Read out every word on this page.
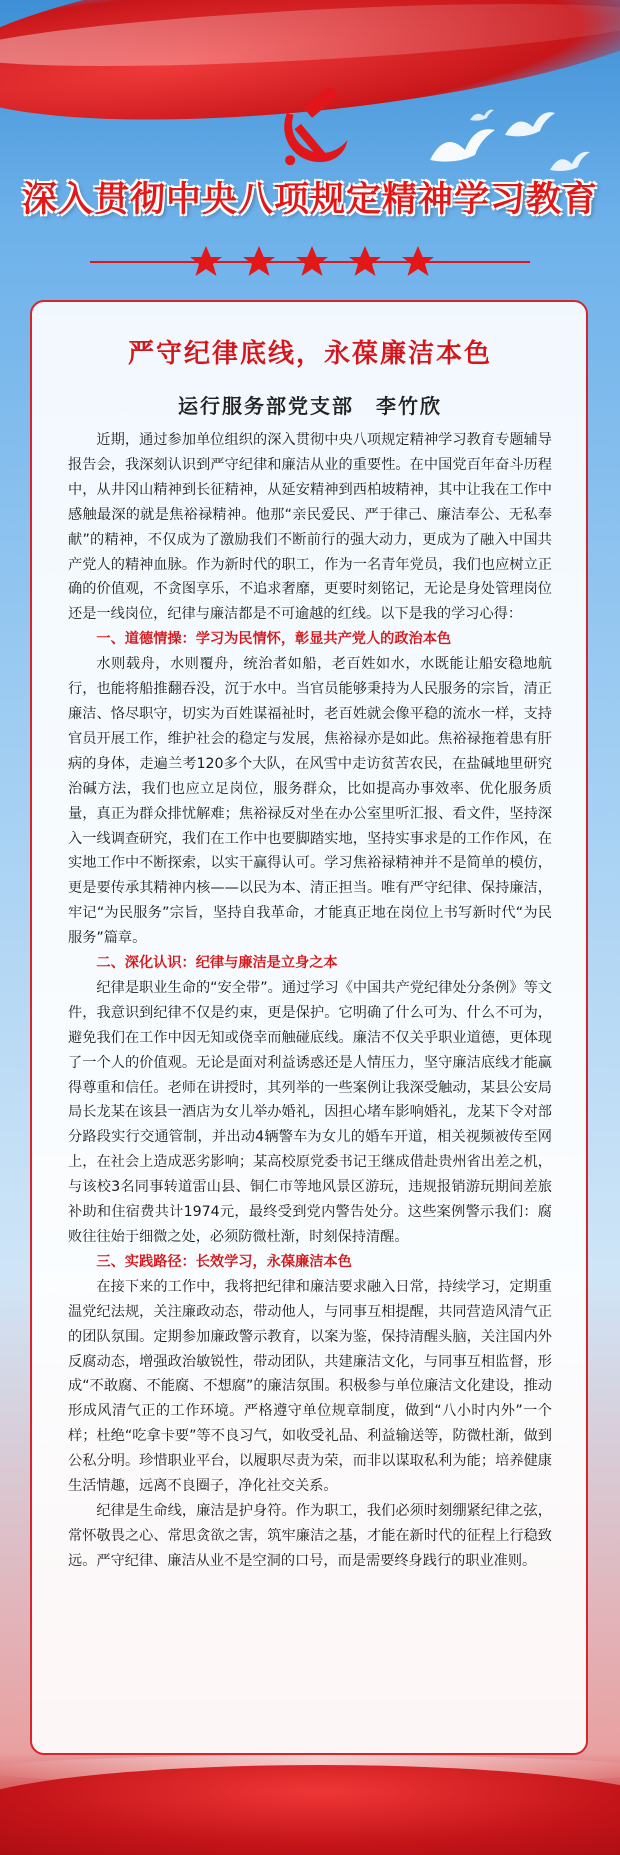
深入贯彻中央八项规定精神学习教育
严守纪律底线，永葆廉洁本色
运行服务部党支部　李竹欣

近期，通过参加单位组织的深入贯彻中央八项规定精神学习教育专题辅导报告会，我深刻认识到严守纪律和廉洁从业的重要性。在中国党百年奋斗历程中，从井冈山精神到长征精神，从延安精神到西柏坡精神，其中让我在工作中感触最深的就是焦裕禄精神。他那“亲民爱民、严于律己、廉洁奉公、无私奉献”的精神，不仅成为了激励我们不断前行的强大动力，更成为了融入中国共产党人的精神血脉。作为新时代的职工，作为一名青年党员，我们也应树立正确的价值观，不贪图享乐，不追求奢靡，更要时刻铭记，无论是身处管理岗位还是一线岗位，纪律与廉洁都是不可逾越的红线。以下是我的学习心得：

一、道德情操：学习为民情怀，彰显共产党人的政治本色

水则载舟，水则覆舟，统治者如船，老百姓如水，水既能让船安稳地航行，也能将船推翻吞没，沉于水中。当官员能够秉持为人民服务的宗旨，清正廉洁、恪尽职守，切实为百姓谋福祉时，老百姓就会像平稳的流水一样，支持官员开展工作，维护社会的稳定与发展，焦裕禄亦是如此。焦裕禄拖着患有肝病的身体，走遍兰考120多个大队，在风雪中走访贫苦农民，在盐碱地里研究治碱方法，我们也应立足岗位，服务群众，比如提高办事效率、优化服务质量，真正为群众排忧解难；焦裕禄反对坐在办公室里听汇报、看文件，坚持深入一线调查研究，我们在工作中也要脚踏实地，坚持实事求是的工作作风，在实地工作中不断探索，以实干赢得认可。学习焦裕禄精神并不是简单的模仿，更是要传承其精神内核——以民为本、清正担当。唯有严守纪律、保持廉洁，牢记“为民服务”宗旨，坚持自我革命，才能真正地在岗位上书写新时代“为民服务”篇章。

二、深化认识：纪律与廉洁是立身之本

纪律是职业生命的“安全带”。通过学习《中国共产党纪律处分条例》等文件，我意识到纪律不仅是约束，更是保护。它明确了什么可为、什么不可为，避免我们在工作中因无知或侥幸而触碰底线。廉洁不仅关乎职业道德，更体现了一个人的价值观。无论是面对利益诱惑还是人情压力，坚守廉洁底线才能赢得尊重和信任。老师在讲授时，其列举的一些案例让我深受触动，某县公安局局长龙某在该县一酒店为女儿举办婚礼，因担心堵车影响婚礼，龙某下令对部分路段实行交通管制，并出动4辆警车为女儿的婚车开道，相关视频被传至网上，在社会上造成恶劣影响；某高校原党委书记王继成借赴贵州省出差之机，与该校3名同事转道雷山县、铜仁市等地风景区游玩，违规报销游玩期间差旅补助和住宿费共计1974元，最终受到党内警告处分。这些案例警示我们：腐败往往始于细微之处，必须防微杜渐，时刻保持清醒。

三、实践路径：长效学习，永葆廉洁本色

在接下来的工作中，我将把纪律和廉洁要求融入日常，持续学习，定期重温党纪法规，关注廉政动态，带动他人，与同事互相提醒，共同营造风清气正的团队氛围。定期参加廉政警示教育，以案为鉴，保持清醒头脑，关注国内外反腐动态，增强政治敏锐性，带动团队，共建廉洁文化，与同事互相监督，形成“不敢腐、不能腐、不想腐”的廉洁氛围。积极参与单位廉洁文化建设，推动形成风清气正的工作环境。严格遵守单位规章制度，做到“八小时内外”一个样；杜绝“吃拿卡要”等不良习气，如收受礼品、利益输送等，防微杜渐，做到公私分明。珍惜职业平台，以履职尽责为荣，而非以谋取私利为能；培养健康生活情趣，远离不良圈子，净化社交关系。

纪律是生命线，廉洁是护身符。作为职工，我们必须时刻绷紧纪律之弦，常怀敬畏之心、常思贪欲之害，筑牢廉洁之基，才能在新时代的征程上行稳致远。严守纪律、廉洁从业不是空洞的口号，而是需要终身践行的职业准则。
